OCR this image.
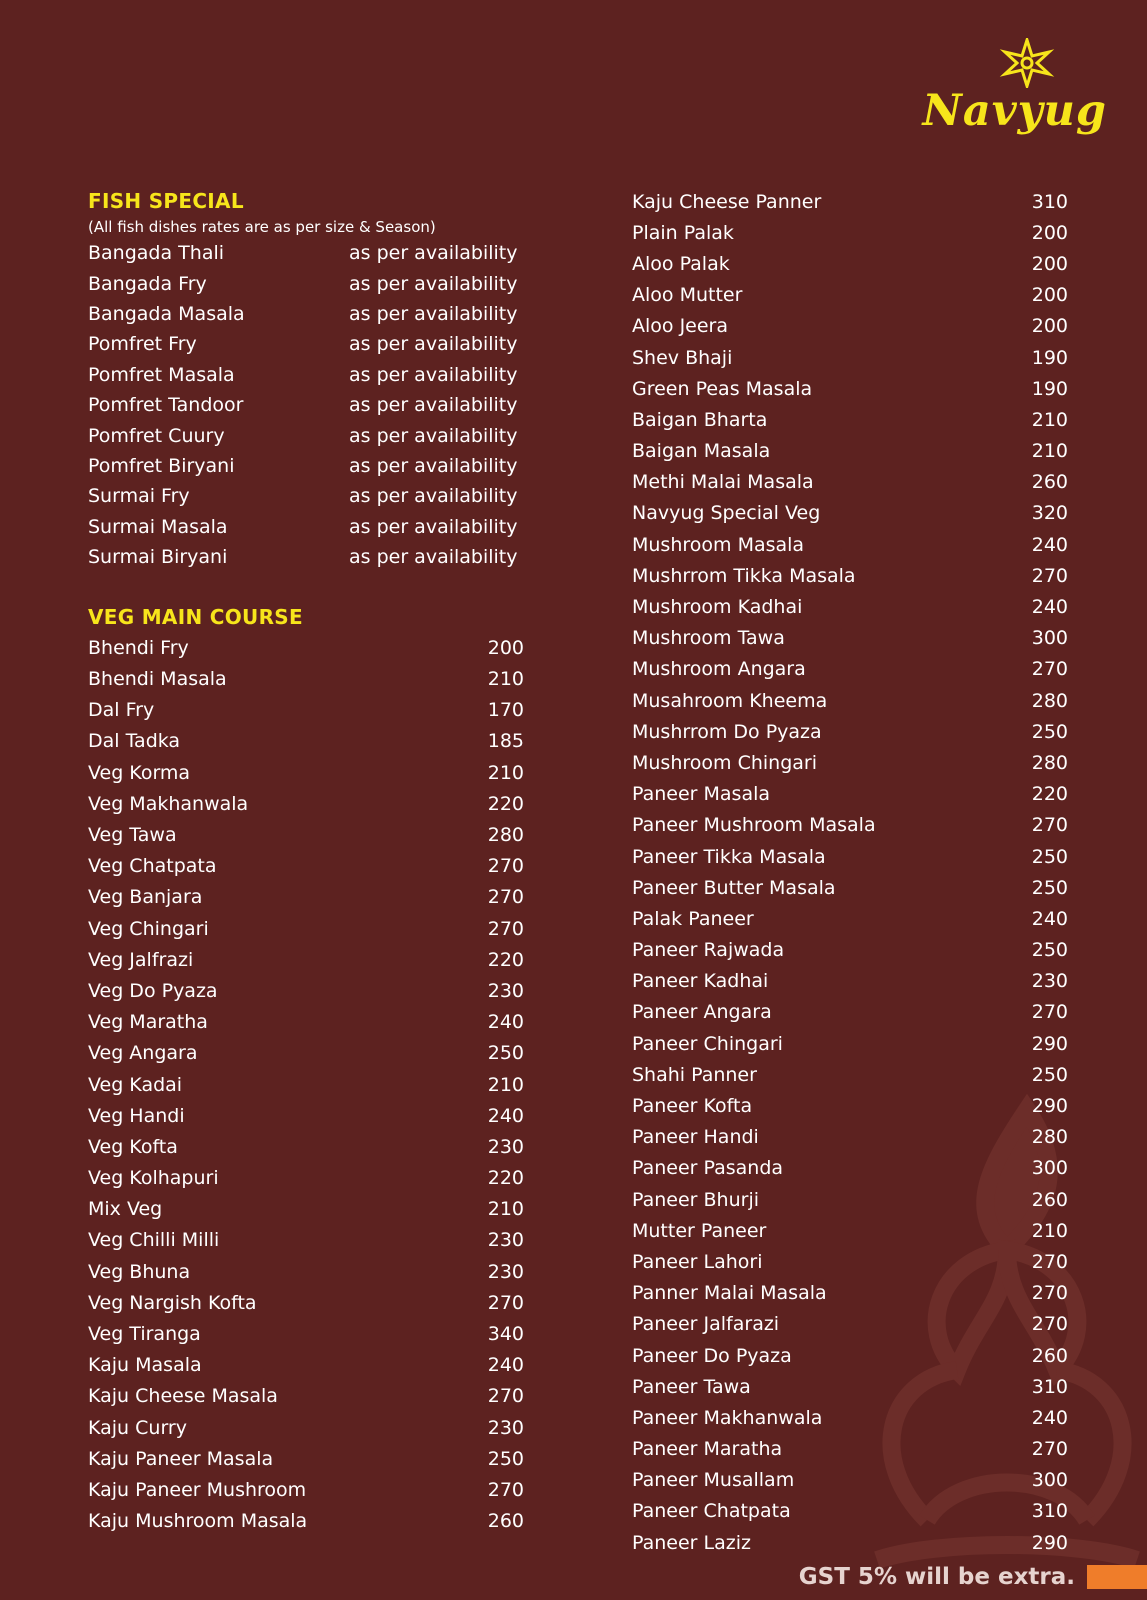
Navyug
FISH SPECIAL
(All fish dishes rates are as per size & Season)
Bangada Thali	as per availability
Bangada Fry	as per availability
Bangada Masala	as per availability
Pomfret Fry	as per availability
Pomfret Masala	as per availability
Pomfret Tandoor	as per availability
Pomfret Cuury	as per availability
Pomfret Biryani	as per availability
Surmai Fry	as per availability
Surmai Masala	as per availability
Surmai Biryani	as per availability
VEG MAIN COURSE
Bhendi Fry	200
Bhendi Masala	210
Dal Fry	170
Dal Tadka	185
Veg Korma	210
Veg Makhanwala	220
Veg Tawa	280
Veg Chatpata	270
Veg Banjara	270
Veg Chingari	270
Veg Jalfrazi	220
Veg Do Pyaza	230
Veg Maratha	240
Veg Angara	250
Veg Kadai	210
Veg Handi	240
Veg Kofta	230
Veg Kolhapuri	220
Mix Veg	210
Veg Chilli Milli	230
Veg Bhuna	230
Veg Nargish Kofta	270
Veg Tiranga	340
Kaju Masala	240
Kaju Cheese Masala	270
Kaju Curry	230
Kaju Paneer Masala	250
Kaju Paneer Mushroom	270
Kaju Mushroom Masala	260
Kaju Cheese Panner	310
Plain Palak	200
Aloo Palak	200
Aloo Mutter	200
Aloo Jeera	200
Shev Bhaji	190
Green Peas Masala	190
Baigan Bharta	210
Baigan Masala	210
Methi Malai Masala	260
Navyug Special Veg	320
Mushroom Masala	240
Mushrrom Tikka Masala	270
Mushroom Kadhai	240
Mushroom Tawa	300
Mushroom Angara	270
Musahroom Kheema	280
Mushrrom Do Pyaza	250
Mushroom Chingari	280
Paneer Masala	220
Paneer Mushroom Masala	270
Paneer Tikka Masala	250
Paneer Butter Masala	250
Palak Paneer	240
Paneer Rajwada	250
Paneer Kadhai	230
Paneer Angara	270
Paneer Chingari	290
Shahi Panner	250
Paneer Kofta	290
Paneer Handi	280
Paneer Pasanda	300
Paneer Bhurji	260
Mutter Paneer	210
Paneer Lahori	270
Panner Malai Masala	270
Paneer Jalfarazi	270
Paneer Do Pyaza	260
Paneer Tawa	310
Paneer Makhanwala	240
Paneer Maratha	270
Paneer Musallam	300
Paneer Chatpata	310
Paneer Laziz	290
GST 5% will be extra.
